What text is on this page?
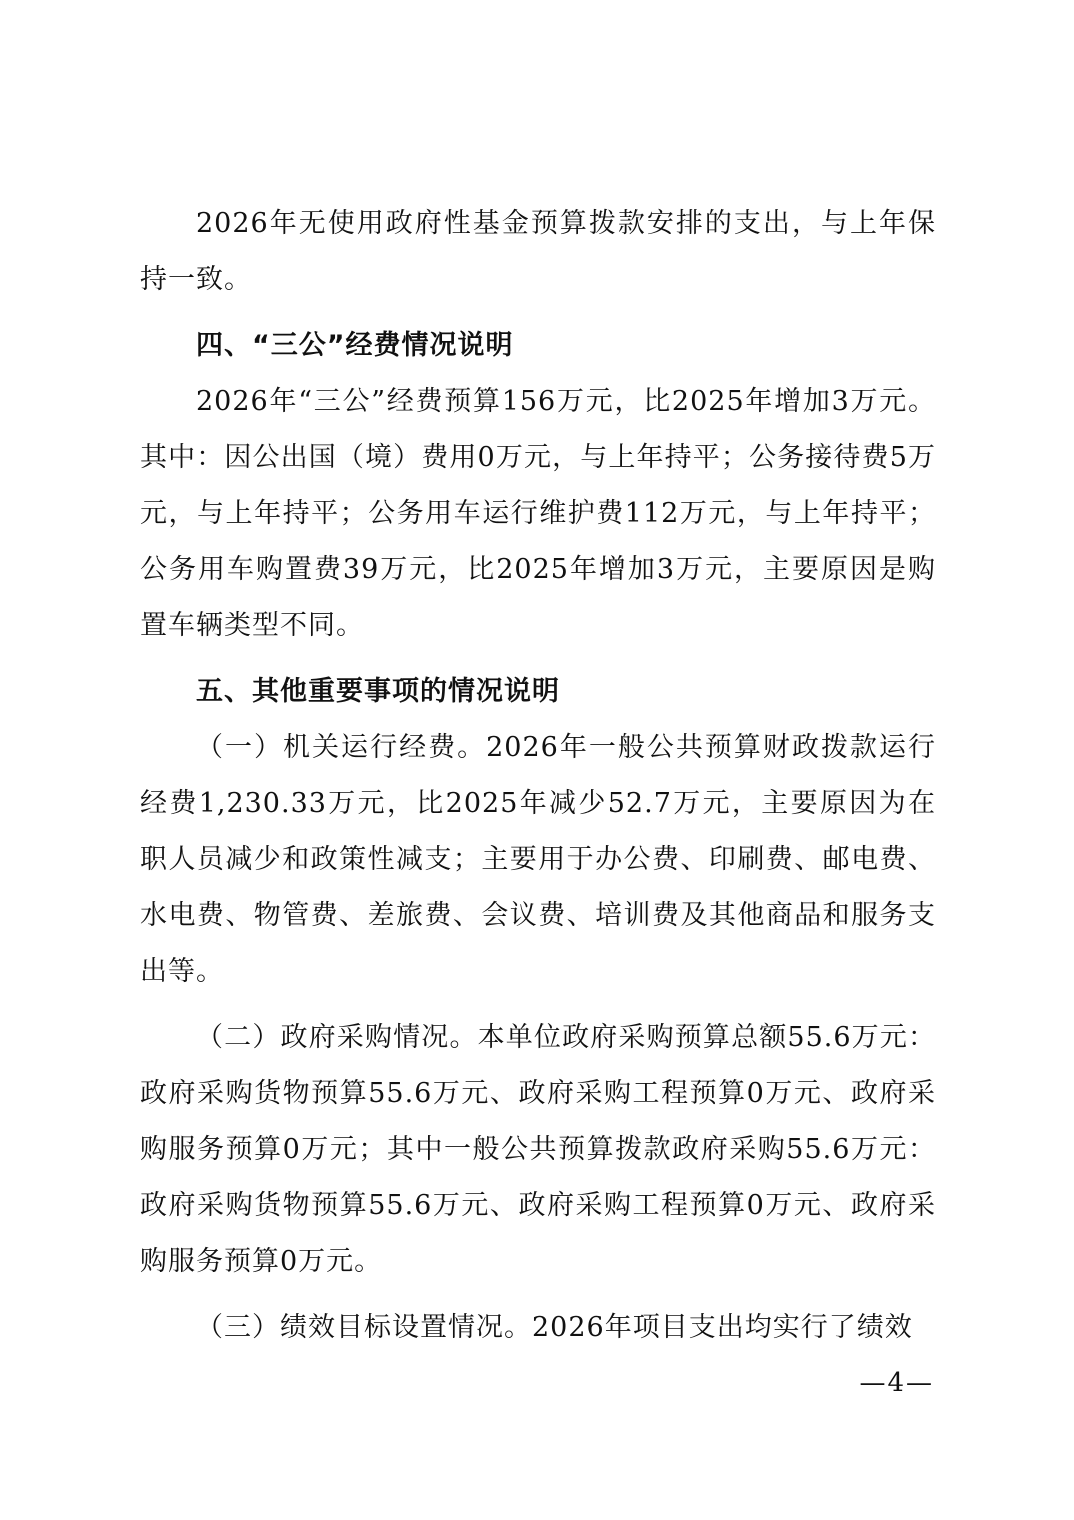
2026年无使用政府性基金预算拨款安排的支出，与上年保持一致。

四、“三公”经费情况说明

2026年“三公”经费预算156万元，比2025年增加3万元。其中：因公出国（境）费用0万元，与上年持平；公务接待费5万元，与上年持平；公务用车运行维护费112万元，与上年持平；公务用车购置费39万元，比2025年增加3万元，主要原因是购置车辆类型不同。

五、其他重要事项的情况说明

（一）机关运行经费。2026年一般公共预算财政拨款运行经费1,230.33万元，比2025年减少52.7万元，主要原因为在职人员减少和政策性减支；主要用于办公费、印刷费、邮电费、水电费、物管费、差旅费、会议费、培训费及其他商品和服务支出等。

（二）政府采购情况。本单位政府采购预算总额55.6万元：政府采购货物预算55.6万元、政府采购工程预算0万元、政府采购服务预算0万元；其中一般公共预算拨款政府采购55.6万元：政府采购货物预算55.6万元、政府采购工程预算0万元、政府采购服务预算0万元。

（三）绩效目标设置情况。2026年项目支出均实行了绩效

—4—
